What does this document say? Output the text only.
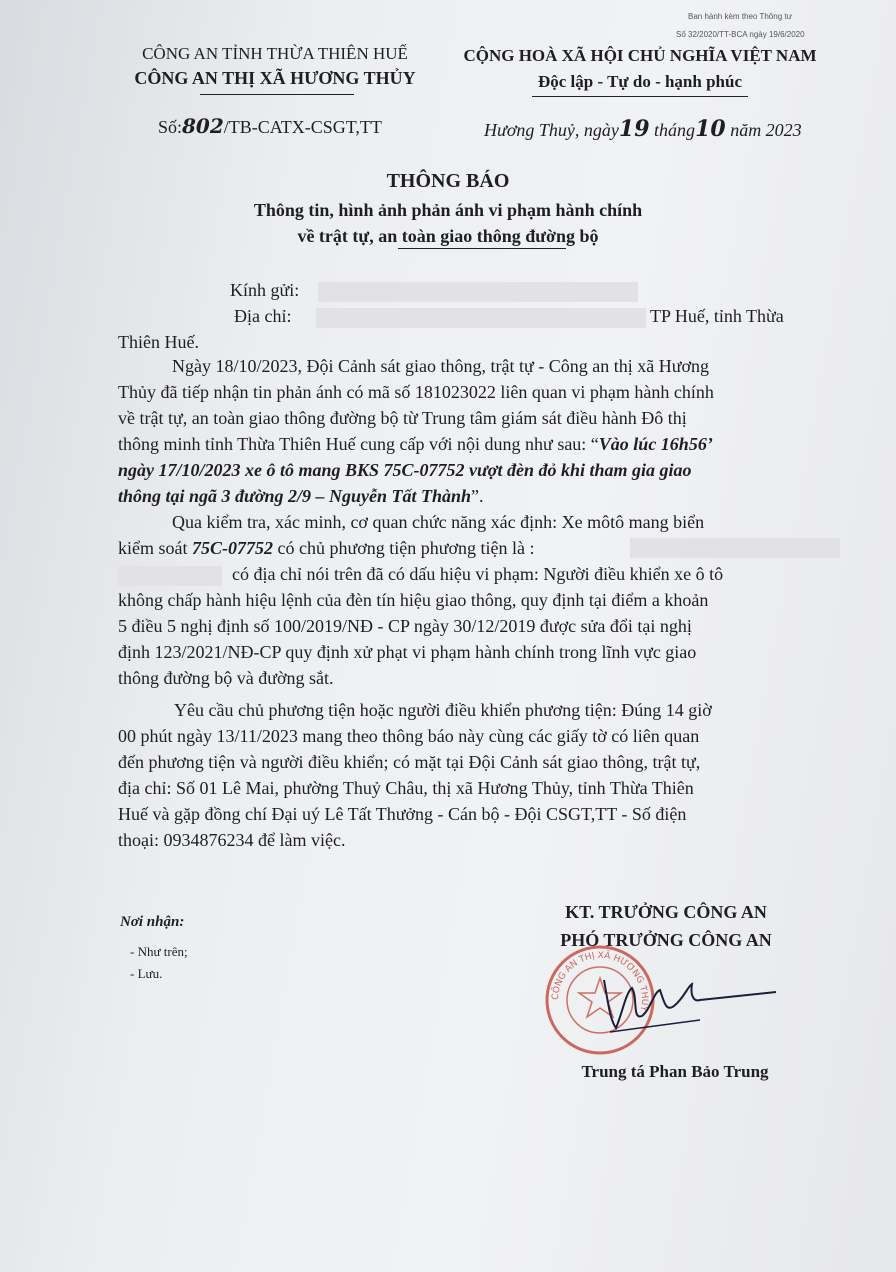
Ban hành kèm theo Thông tư
Số 32/2020/TT-BCA ngày 19/6/2020
CÔNG AN TỈNH THỪA THIÊN HUẾ
CÔNG AN THỊ XÃ HƯƠNG THỦY
CỘNG HOÀ XÃ HỘI CHỦ NGHĨA VIỆT NAM
Độc lập - Tự do - hạnh phúc
Số:802/TB-CATX-CSGT,TT	Hương Thuỷ, ngày19 tháng10 năm 2023
THÔNG BÁO
Thông tin, hình ảnh phản ánh vi phạm hành chính
về trật tự, an toàn giao thông đường bộ
Kính gửi:
Địa chỉ:	TP Huế, tỉnh Thừa
Thiên Huế.
Ngày 18/10/2023, Đội Cảnh sát giao thông, trật tự - Công an thị xã Hương
Thủy đã tiếp nhận tin phản ánh có mã số 181023022 liên quan vi phạm hành chính
về trật tự, an toàn giao thông đường bộ từ Trung tâm giám sát điều hành Đô thị
thông minh tỉnh Thừa Thiên Huế cung cấp với nội dung như sau: “Vào lúc 16h56’
ngày 17/10/2023 xe ô tô mang BKS 75C-07752 vượt đèn đỏ khi tham gia giao
thông tại ngã 3 đường 2/9 – Nguyễn Tất Thành”.
Qua kiểm tra, xác minh, cơ quan chức năng xác định: Xe môtô mang biển
kiểm soát 75C-07752 có chủ phương tiện phương tiện là :
có địa chỉ nói trên đã có dấu hiệu vi phạm: Người điều khiển xe ô tô
không chấp hành hiệu lệnh của đèn tín hiệu giao thông, quy định tại điểm a khoản
5 điều 5 nghị định số 100/2019/NĐ - CP ngày 30/12/2019 được sửa đổi tại nghị
định 123/2021/NĐ-CP quy định xử phạt vi phạm hành chính trong lĩnh vực giao
thông đường bộ và đường sắt.
Yêu cầu chủ phương tiện hoặc người điều khiển phương tiện: Đúng 14 giờ
00 phút ngày 13/11/2023 mang theo thông báo này cùng các giấy tờ có liên quan
đến phương tiện và người điều khiển; có mặt tại Đội Cảnh sát giao thông, trật tự,
địa chỉ: Số 01 Lê Mai, phường Thuỷ Châu, thị xã Hương Thủy, tỉnh Thừa Thiên
Huế và gặp đồng chí Đại uý Lê Tất Thưởng - Cán bộ - Đội CSGT,TT - Số điện
thoại: 0934876234 để làm việc.
Nơi nhận:
- Như trên;
- Lưu.
KT. TRƯỞNG CÔNG AN
PHÓ TRƯỞNG CÔNG AN
CÔNG AN THỊ XÃ HƯƠNG THỦY
Trung tá Phan Bảo Trung
